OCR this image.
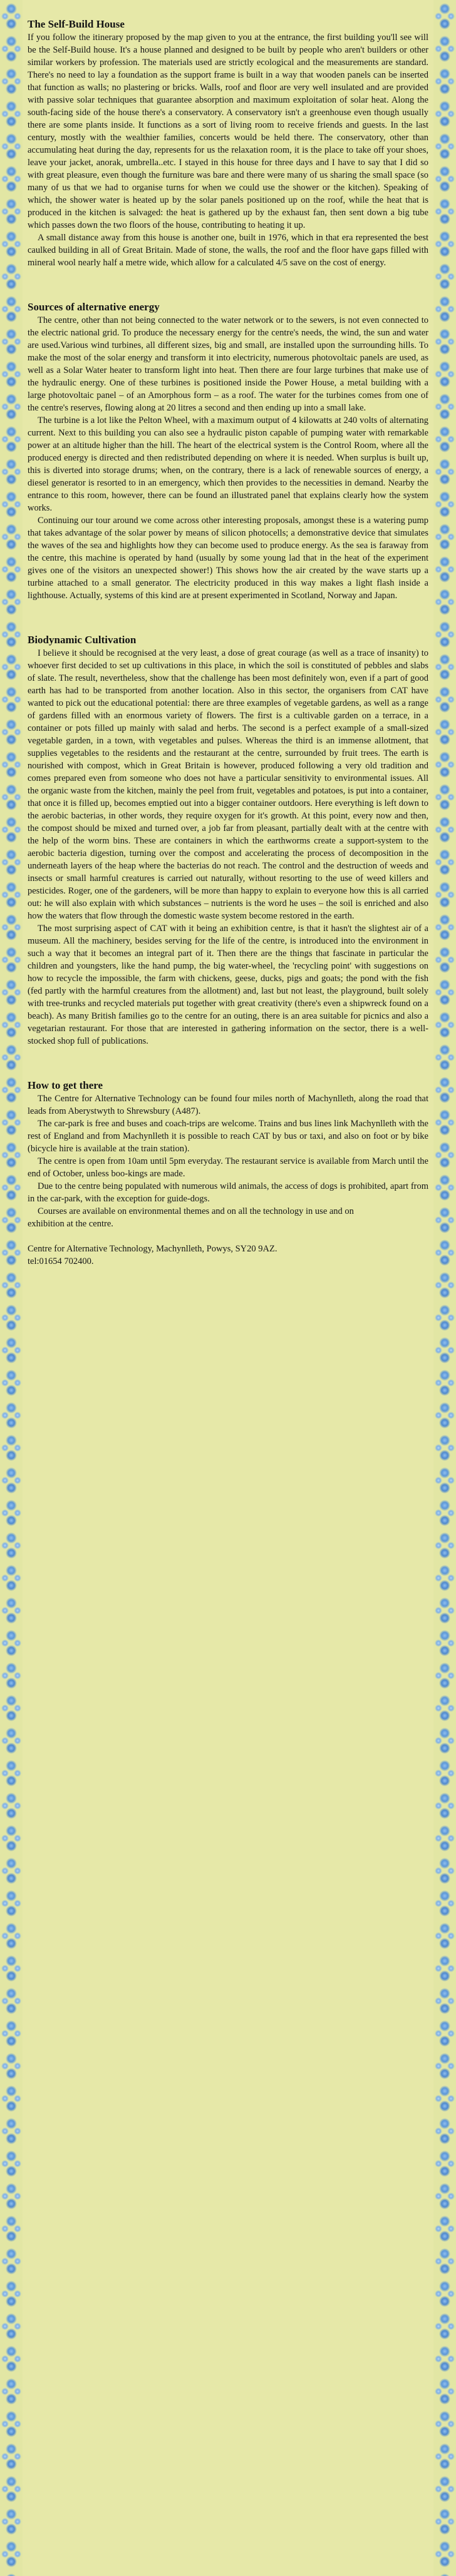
The Self-Build House

If you follow the itinerary proposed by the map given to you at the entrance, the first building you'll see will be the Self-Build house. It's a house planned and designed to be built by people who aren't builders or other similar workers by profession. The materials used are strictly ecological and the measurements are standard. There's no need to lay a foundation as the support frame is built in a way that wooden panels can be inserted that function as walls; no plastering or bricks. Walls, roof and floor are very well insulated and are provided with passive solar techniques that guarantee absorption and maximum exploitation of solar heat. Along the south-facing side of the house there's a conservatory. A conservatory isn't a greenhouse even though usually there are some plants inside. It functions as a sort of living room to receive friends and guests. In the last century, mostly with the wealthier families, concerts would be held there. The conservatory, other than accumulating heat during the day, represents for us the relaxation room, it is the place to take off your shoes, leave your jacket, anorak, umbrella..etc. I stayed in this house for three days and I have to say that I did so with great pleasure, even though the furniture was bare and there were many of us sharing the small space (so many of us that we had to organise turns for when we could use the shower or the kitchen). Speaking of which, the shower water is heated up by the solar panels positioned up on the roof, while the heat that is produced in the kitchen is salvaged: the heat is gathered up by the exhaust fan, then sent down a big tube which passes down the two floors of the house, contributing to heating it up.

A small distance away from this house is another one, built in 1976, which in that era represented the best caulked building in all of Great Britain. Made of stone, the walls, the roof and the floor have gaps filled with mineral wool nearly half a metre wide, which allow for a calculated 4/5 save on the cost of energy.

Sources of alternative energy

The centre, other than not being connected to the water network or to the sewers, is not even connected to the electric national grid. To produce the necessary energy for the centre's needs, the wind, the sun and water are used.Various wind turbines, all different sizes, big and small, are installed upon the surrounding hills. To make the most of the solar energy and transform it into electricity, numerous photovoltaic panels are used, as well as a Solar Water heater to transform light into heat. Then there are four large turbines that make use of the hydraulic energy. One of these turbines is positioned inside the Power House, a metal building with a large photovoltaic panel – of an Amorphous form – as a roof. The water for the turbines comes from one of the centre's reserves, flowing along at 20 litres a second and then ending up into a small lake.

The turbine is a lot like the Pelton Wheel, with a maximum output of 4 kilowatts at 240 volts of alternating current. Next to this building you can also see a hydraulic piston capable of pumping water with remarkable power at an altitude higher than the hill. The heart of the electrical system is the Control Room, where all the produced energy is directed and then redistributed depending on where it is needed. When surplus is built up, this is diverted into storage drums; when, on the contrary, there is a lack of renewable sources of energy, a diesel generator is resorted to in an emergency, which then provides to the necessities in demand. Nearby the entrance to this room, however, there can be found an illustrated panel that explains clearly how the system works.

Continuing our tour around we come across other interesting proposals, amongst these is a watering pump that takes advantage of the solar power by means of silicon photocells; a demonstrative device that simulates the waves of the sea and highlights how they can become used to produce energy. As the sea is faraway from the centre, this machine is operated by hand (usually by some young lad that in the heat of the experiment gives one of the visitors an unexpected shower!) This shows how the air created by the wave starts up a turbine attached to a small generator. The electricity produced in this way makes a light flash inside a lighthouse. Actually, systems of this kind are at present experimented in Scotland, Norway and Japan.

Biodynamic Cultivation

I believe it should be recognised at the very least, a dose of great courage (as well as a trace of insanity) to whoever first decided to set up cultivations in this place, in which the soil is constituted of pebbles and slabs of slate. The result, nevertheless, show that the challenge has been most definitely won, even if a part of good earth has had to be transported from another location. Also in this sector, the organisers from CAT have wanted to pick out the educational potential: there are three examples of vegetable gardens, as well as a range of gardens filled with an enormous variety of flowers. The first is a cultivable garden on a terrace, in a container or pots filled up mainly with salad and herbs. The second is a perfect example of a small-sized vegetable garden, in a town, with vegetables and pulses. Whereas the third is an immense allotment, that supplies vegetables to the residents and the restaurant at the centre, surrounded by fruit trees. The earth is nourished with compost, which in Great Britain is however, produced following a very old tradition and comes prepared even from someone who does not have a particular sensitivity to environmental issues. All the organic waste from the kitchen, mainly the peel from fruit, vegetables and potatoes, is put into a container, that once it is filled up, becomes emptied out into a bigger container outdoors. Here everything is left down to the aerobic bacterias, in other words, they require oxygen for it's growth. At this point, every now and then, the compost should be mixed and turned over, a job far from pleasant, partially dealt with at the centre with the help of the worm bins. These are containers in which the earthworms create a support-system to the aerobic bacteria digestion, turning over the compost and accelerating the process of decomposition in the underneath layers of the heap where the bacterias do not reach. The control and the destruction of weeds and insects or small harmful creatures is carried out naturally, without resorting to the use of weed killers and pesticides. Roger, one of the gardeners, will be more than happy to explain to everyone how this is all carried out: he will also explain with which substances – nutrients is the word he uses – the soil is enriched and also how the waters that flow through the domestic waste system become restored in the earth.

The most surprising aspect of CAT with it being an exhibition centre, is that it hasn't the slightest air of a museum. All the machinery, besides serving for the life of the centre, is introduced into the environment in such a way that it becomes an integral part of it. Then there are the things that fascinate in particular the children and youngsters, like the hand pump, the big water-wheel, the 'recycling point' with suggestions on how to recycle the impossible, the farm with chickens, geese, ducks, pigs and goats; the pond with the fish (fed partly with the harmful creatures from the allotment) and, last but not least, the playground, built solely with tree-trunks and recycled materials put together with great creativity (there's even a shipwreck found on a beach). As many British families go to the centre for an outing, there is an area suitable for picnics and also a vegetarian restaurant. For those that are interested in gathering information on the sector, there is a well-stocked shop full of publications.

How to get there

The Centre for Alternative Technology can be found four miles north of Machynlleth, along the road that leads from Aberystwyth to Shrewsbury (A487).

The car-park is free and buses and coach-trips are welcome. Trains and bus lines link Machynlleth with the rest of England and from Machynlleth it is possible to reach CAT by bus or taxi, and also on foot or by bike (bicycle hire is available at the train station).

The centre is open from 10am until 5pm everyday. The restaurant service is available from March until the end of October, unless boo-kings are made.

Due to the centre being populated with numerous wild animals, the access of dogs is prohibited, apart from in the car-park, with the exception for guide-dogs.

Courses are available on environmental themes and on all the technology in use and on

exhibition at the centre.

Centre for Alternative Technology, Machynlleth, Powys, SY20 9AZ.
tel:01654 702400.
